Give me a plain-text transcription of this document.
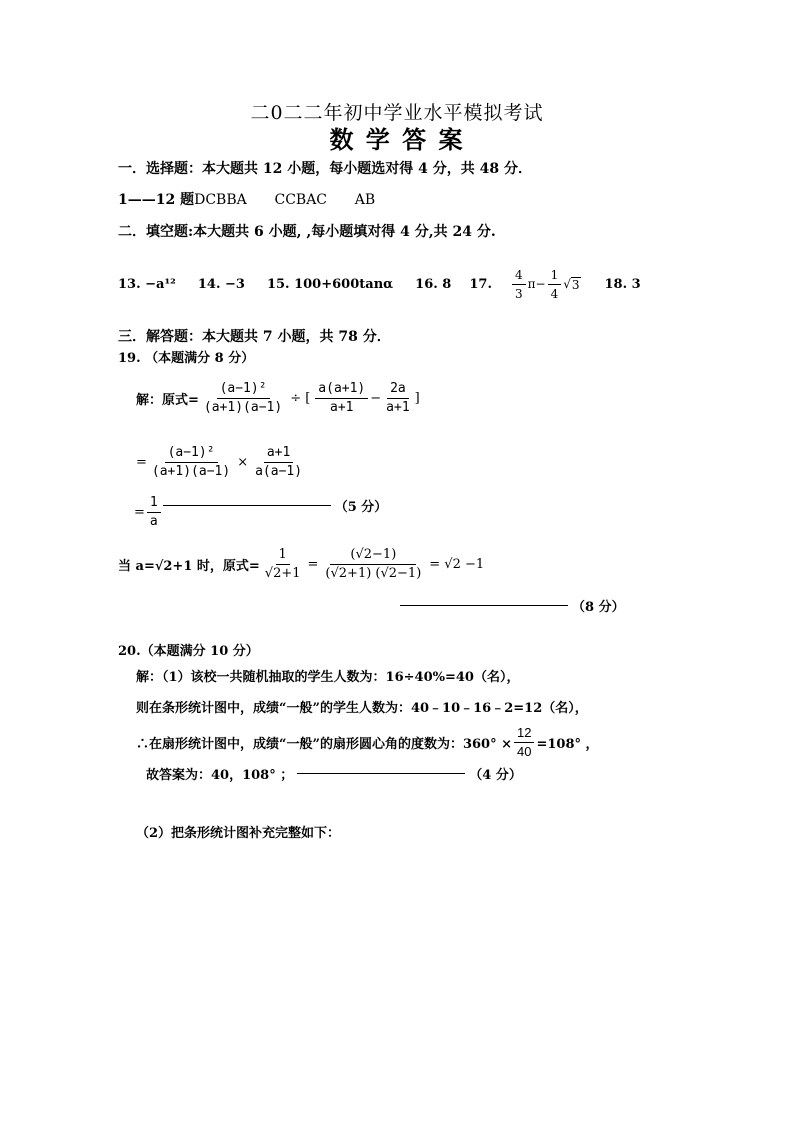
二0二二年初中学业水平模拟考试
数 学 答 案
一．选择题：本大题共 12 小题，每小题选对得 4 分，共 48 分．
1——12 题DCBBA CCBAC AB
二．填空题:本大题共 6 小题, ,每小题填对得 4 分,共 24 分.
13. −a¹² 14. −3 15. 100+600tanα 16. 8 17. $\frac{4}{3} \pi- \frac{1}{4}$ √ 3 18. 3
三．解答题：本大题共 7 小题，共 78 分．
19. （本题满分 8 分）
解：原式= $\frac{\text{(a−1)²}}{(a+1)(a-1)}$ ÷ [ $\frac{a(a+1)}{a+1} - \frac{2a}{a+1}$ ]
= $\frac{\text{(a−1)²}}{(a+1)(a-1)} \times \frac{a+1}{a(a-1)}$
= $\frac{1}{a}$	（5 分）
当 a=√2+1 时，原式= $\frac{1}{√2+1} = \frac{(√2-1)}{(√2+1) (√2-1)} = √2 -1$
（8 分）
20.（本题满分 10 分）
解：（1）该校一共随机抽取的学生人数为：16÷40%=40（名），
则在条形统计图中，成绩“一般”的学生人数为：40﹣10﹣16﹣2=12（名），
∴在扇形统计图中，成绩“一般”的扇形圆心角的度数为：$360^\circ \times \frac{12}{40} =108^\circ$ ，
故答案为：40，108° ；	（4 分）
（2）把条形统计图补充完整如下：
